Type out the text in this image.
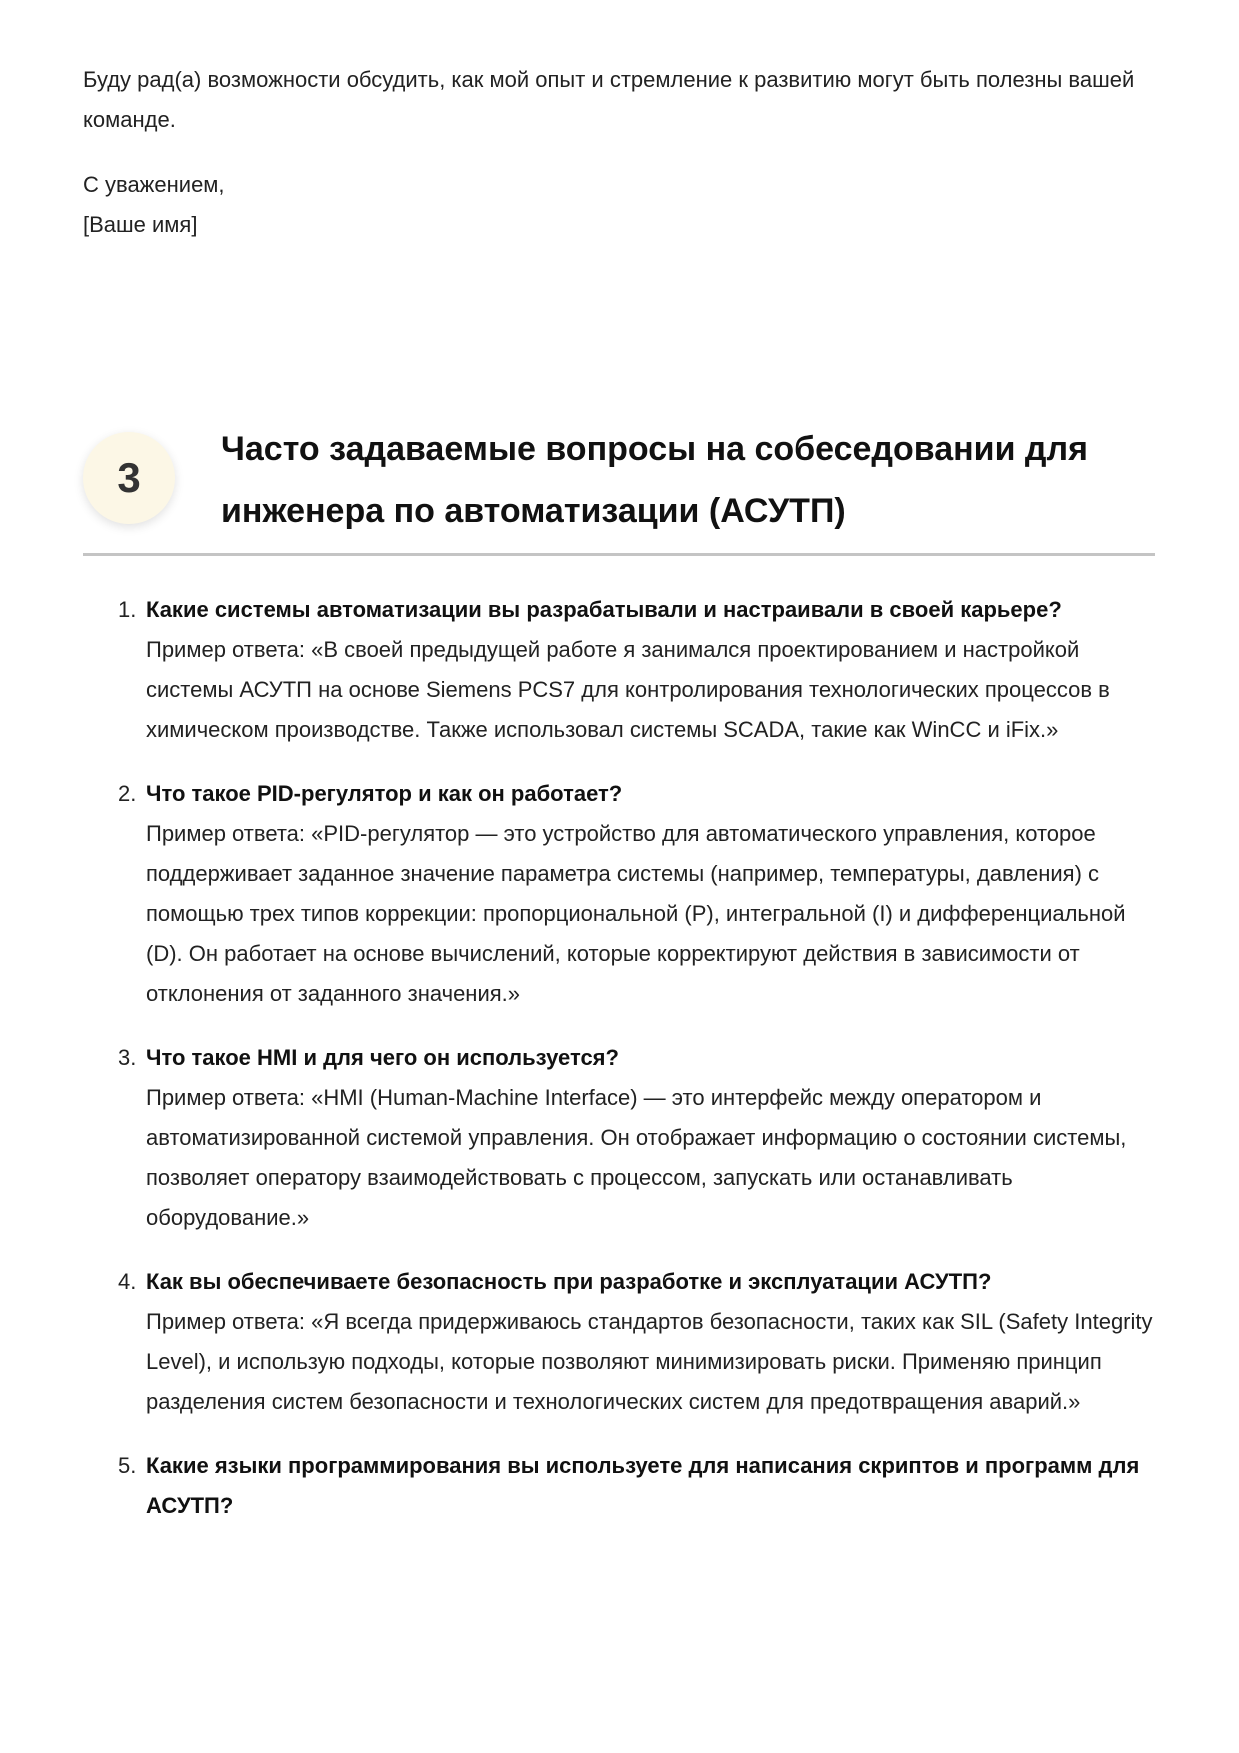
Буду рад(а) возможности обсудить, как мой опыт и стремление к развитию могут быть полезны вашей команде.

С уважением,
[Ваше имя]
3
Часто задаваемые вопросы на собеседовании для инженера по автоматизации (АСУТП)
1. Какие системы автоматизации вы разрабатывали и настраивали в своей карьере?
Пример ответа: «В своей предыдущей работе я занимался проектированием и настройкой системы АСУТП на основе Siemens PCS7 для контролирования технологических процессов в химическом производстве. Также использовал системы SCADA, такие как WinCC и iFix.»
2. Что такое PID-регулятор и как он работает?
Пример ответа: «PID-регулятор — это устройство для автоматического управления, которое поддерживает заданное значение параметра системы (например, температуры, давления) с помощью трех типов коррекции: пропорциональной (P), интегральной (I) и дифференциальной (D). Он работает на основе вычислений, которые корректируют действия в зависимости от отклонения от заданного значения.»
3. Что такое HMI и для чего он используется?
Пример ответа: «HMI (Human-Machine Interface) — это интерфейс между оператором и автоматизированной системой управления. Он отображает информацию о состоянии системы, позволяет оператору взаимодействовать с процессом, запускать или останавливать оборудование.»
4. Как вы обеспечиваете безопасность при разработке и эксплуатации АСУТП?
Пример ответа: «Я всегда придерживаюсь стандартов безопасности, таких как SIL (Safety Integrity Level), и использую подходы, которые позволяют минимизировать риски. Применяю принцип разделения систем безопасности и технологических систем для предотвращения аварий.»
5. Какие языки программирования вы используете для написания скриптов и программ для АСУТП?
